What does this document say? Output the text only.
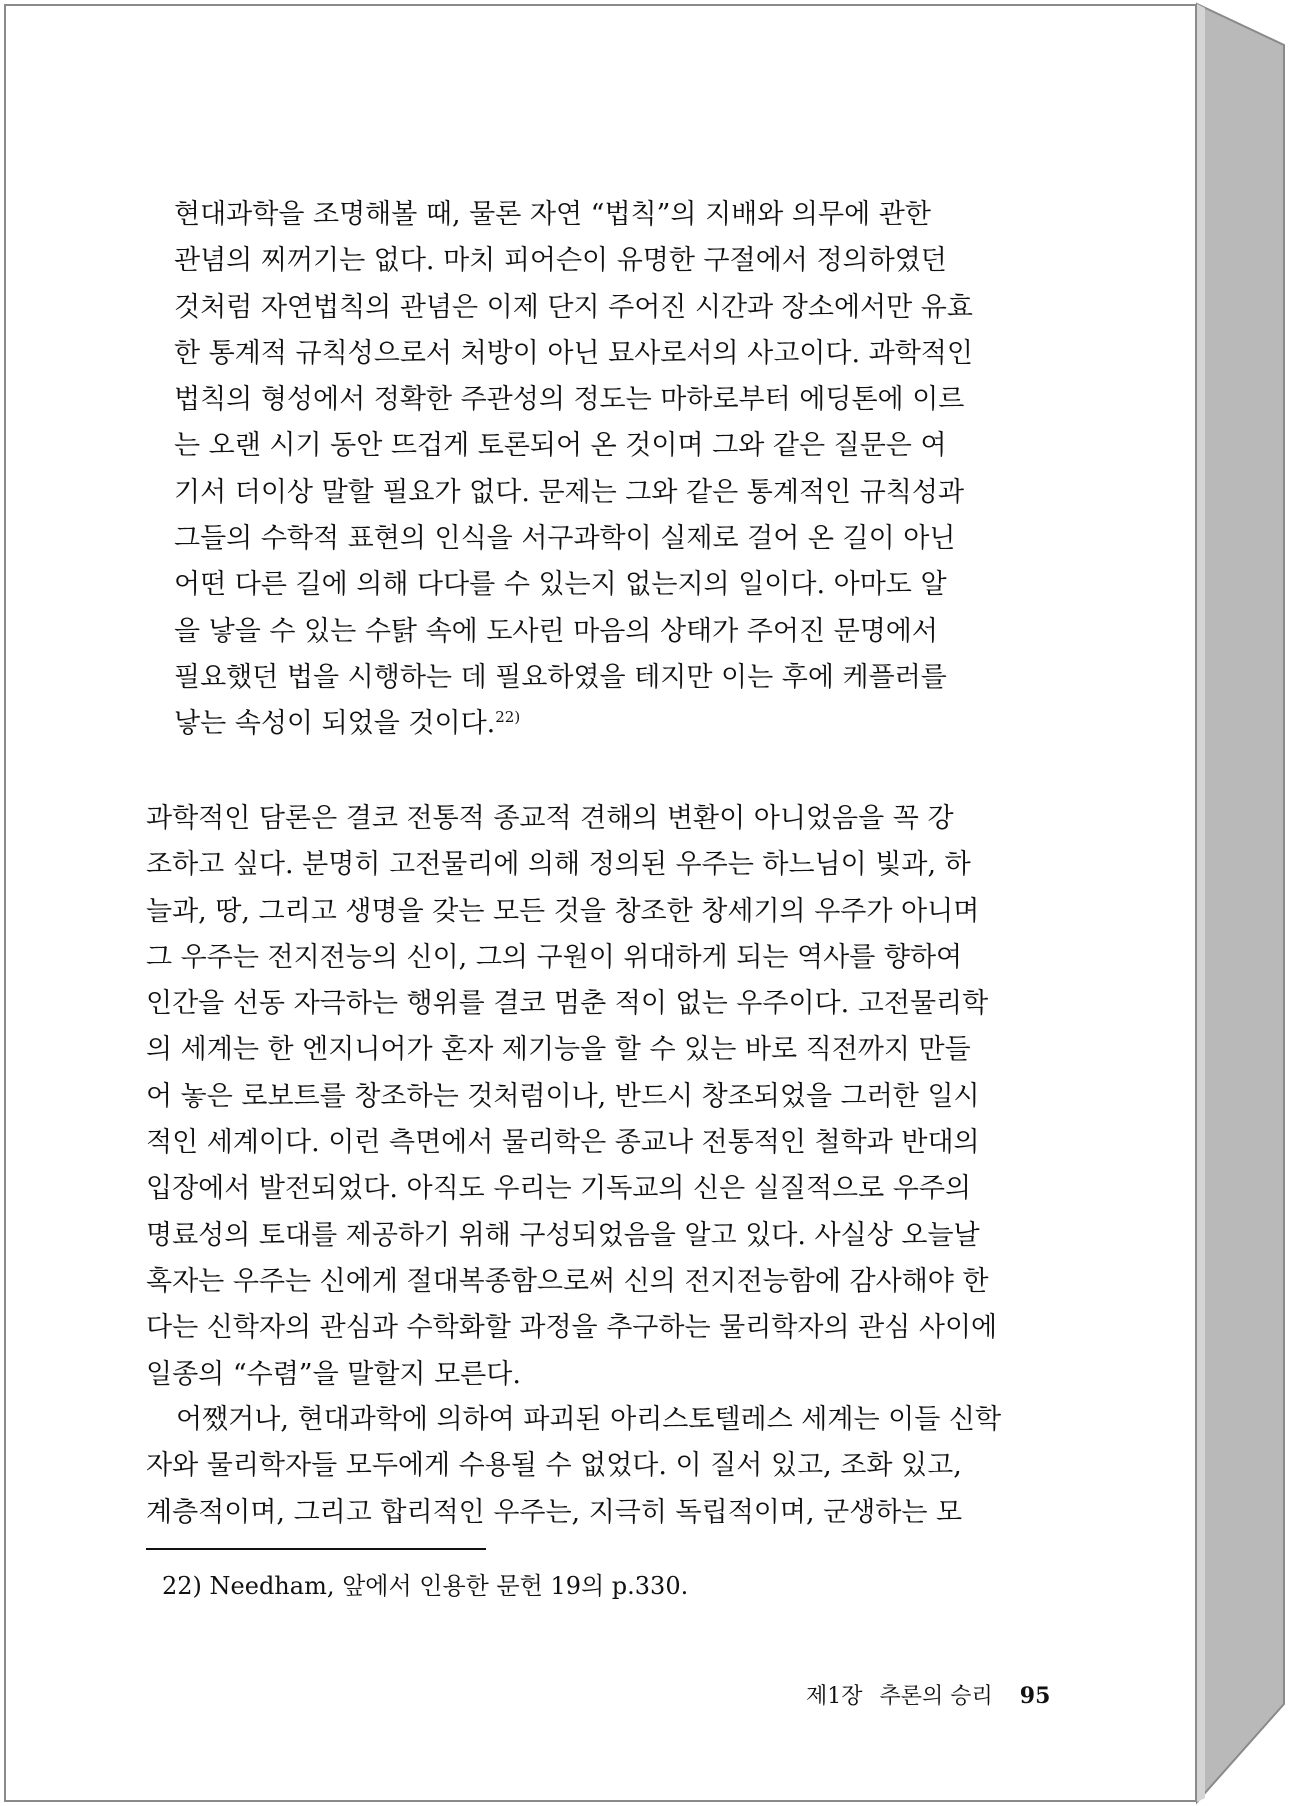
현대과학을 조명해볼 때, 물론 자연 “법칙”의 지배와 의무에 관한
관념의 찌꺼기는 없다. 마치 피어슨이 유명한 구절에서 정의하였던
것처럼 자연법칙의 관념은 이제 단지 주어진 시간과 장소에서만 유효
한 통계적 규칙성으로서 처방이 아닌 묘사로서의 사고이다. 과학적인
법칙의 형성에서 정확한 주관성의 정도는 마하로부터 에딩톤에 이르
는 오랜 시기 동안 뜨겁게 토론되어 온 것이며 그와 같은 질문은 여
기서 더이상 말할 필요가 없다. 문제는 그와 같은 통계적인 규칙성과
그들의 수학적 표현의 인식을 서구과학이 실제로 걸어 온 길이 아닌
어떤 다른 길에 의해 다다를 수 있는지 없는지의 일이다. 아마도 알
을 낳을 수 있는 수탉 속에 도사린 마음의 상태가 주어진 문명에서
필요했던 법을 시행하는 데 필요하였을 테지만 이는 후에 케플러를
낳는 속성이 되었을 것이다.$^{22)}$
과학적인 담론은 결코 전통적 종교적 견해의 변환이 아니었음을 꼭 강
조하고 싶다. 분명히 고전물리에 의해 정의된 우주는 하느님이 빛과, 하
늘과, 땅, 그리고 생명을 갖는 모든 것을 창조한 창세기의 우주가 아니며
그 우주는 전지전능의 신이, 그의 구원이 위대하게 되는 역사를 향하여
인간을 선동 자극하는 행위를 결코 멈춘 적이 없는 우주이다. 고전물리학
의 세계는 한 엔지니어가 혼자 제기능을 할 수 있는 바로 직전까지 만들
어 놓은 로보트를 창조하는 것처럼이나, 반드시 창조되었을 그러한 일시
적인 세계이다. 이런 측면에서 물리학은 종교나 전통적인 철학과 반대의
입장에서 발전되었다. 아직도 우리는 기독교의 신은 실질적으로 우주의
명료성의 토대를 제공하기 위해 구성되었음을 알고 있다. 사실상 오늘날
혹자는 우주는 신에게 절대복종함으로써 신의 전지전능함에 감사해야 한
다는 신학자의 관심과 수학화할 과정을 추구하는 물리학자의 관심 사이에
일종의 “수렴”을 말할지 모른다.
어쨌거나, 현대과학에 의하여 파괴된 아리스토텔레스 세계는 이들 신학
자와 물리학자들 모두에게 수용될 수 없었다. 이 질서 있고, 조화 있고,
계층적이며, 그리고 합리적인 우주는, 지극히 독립적이며, 군생하는 모
22) Needham, 앞에서 인용한 문헌 19의 p.330.
제1장 추론의 승리 95
